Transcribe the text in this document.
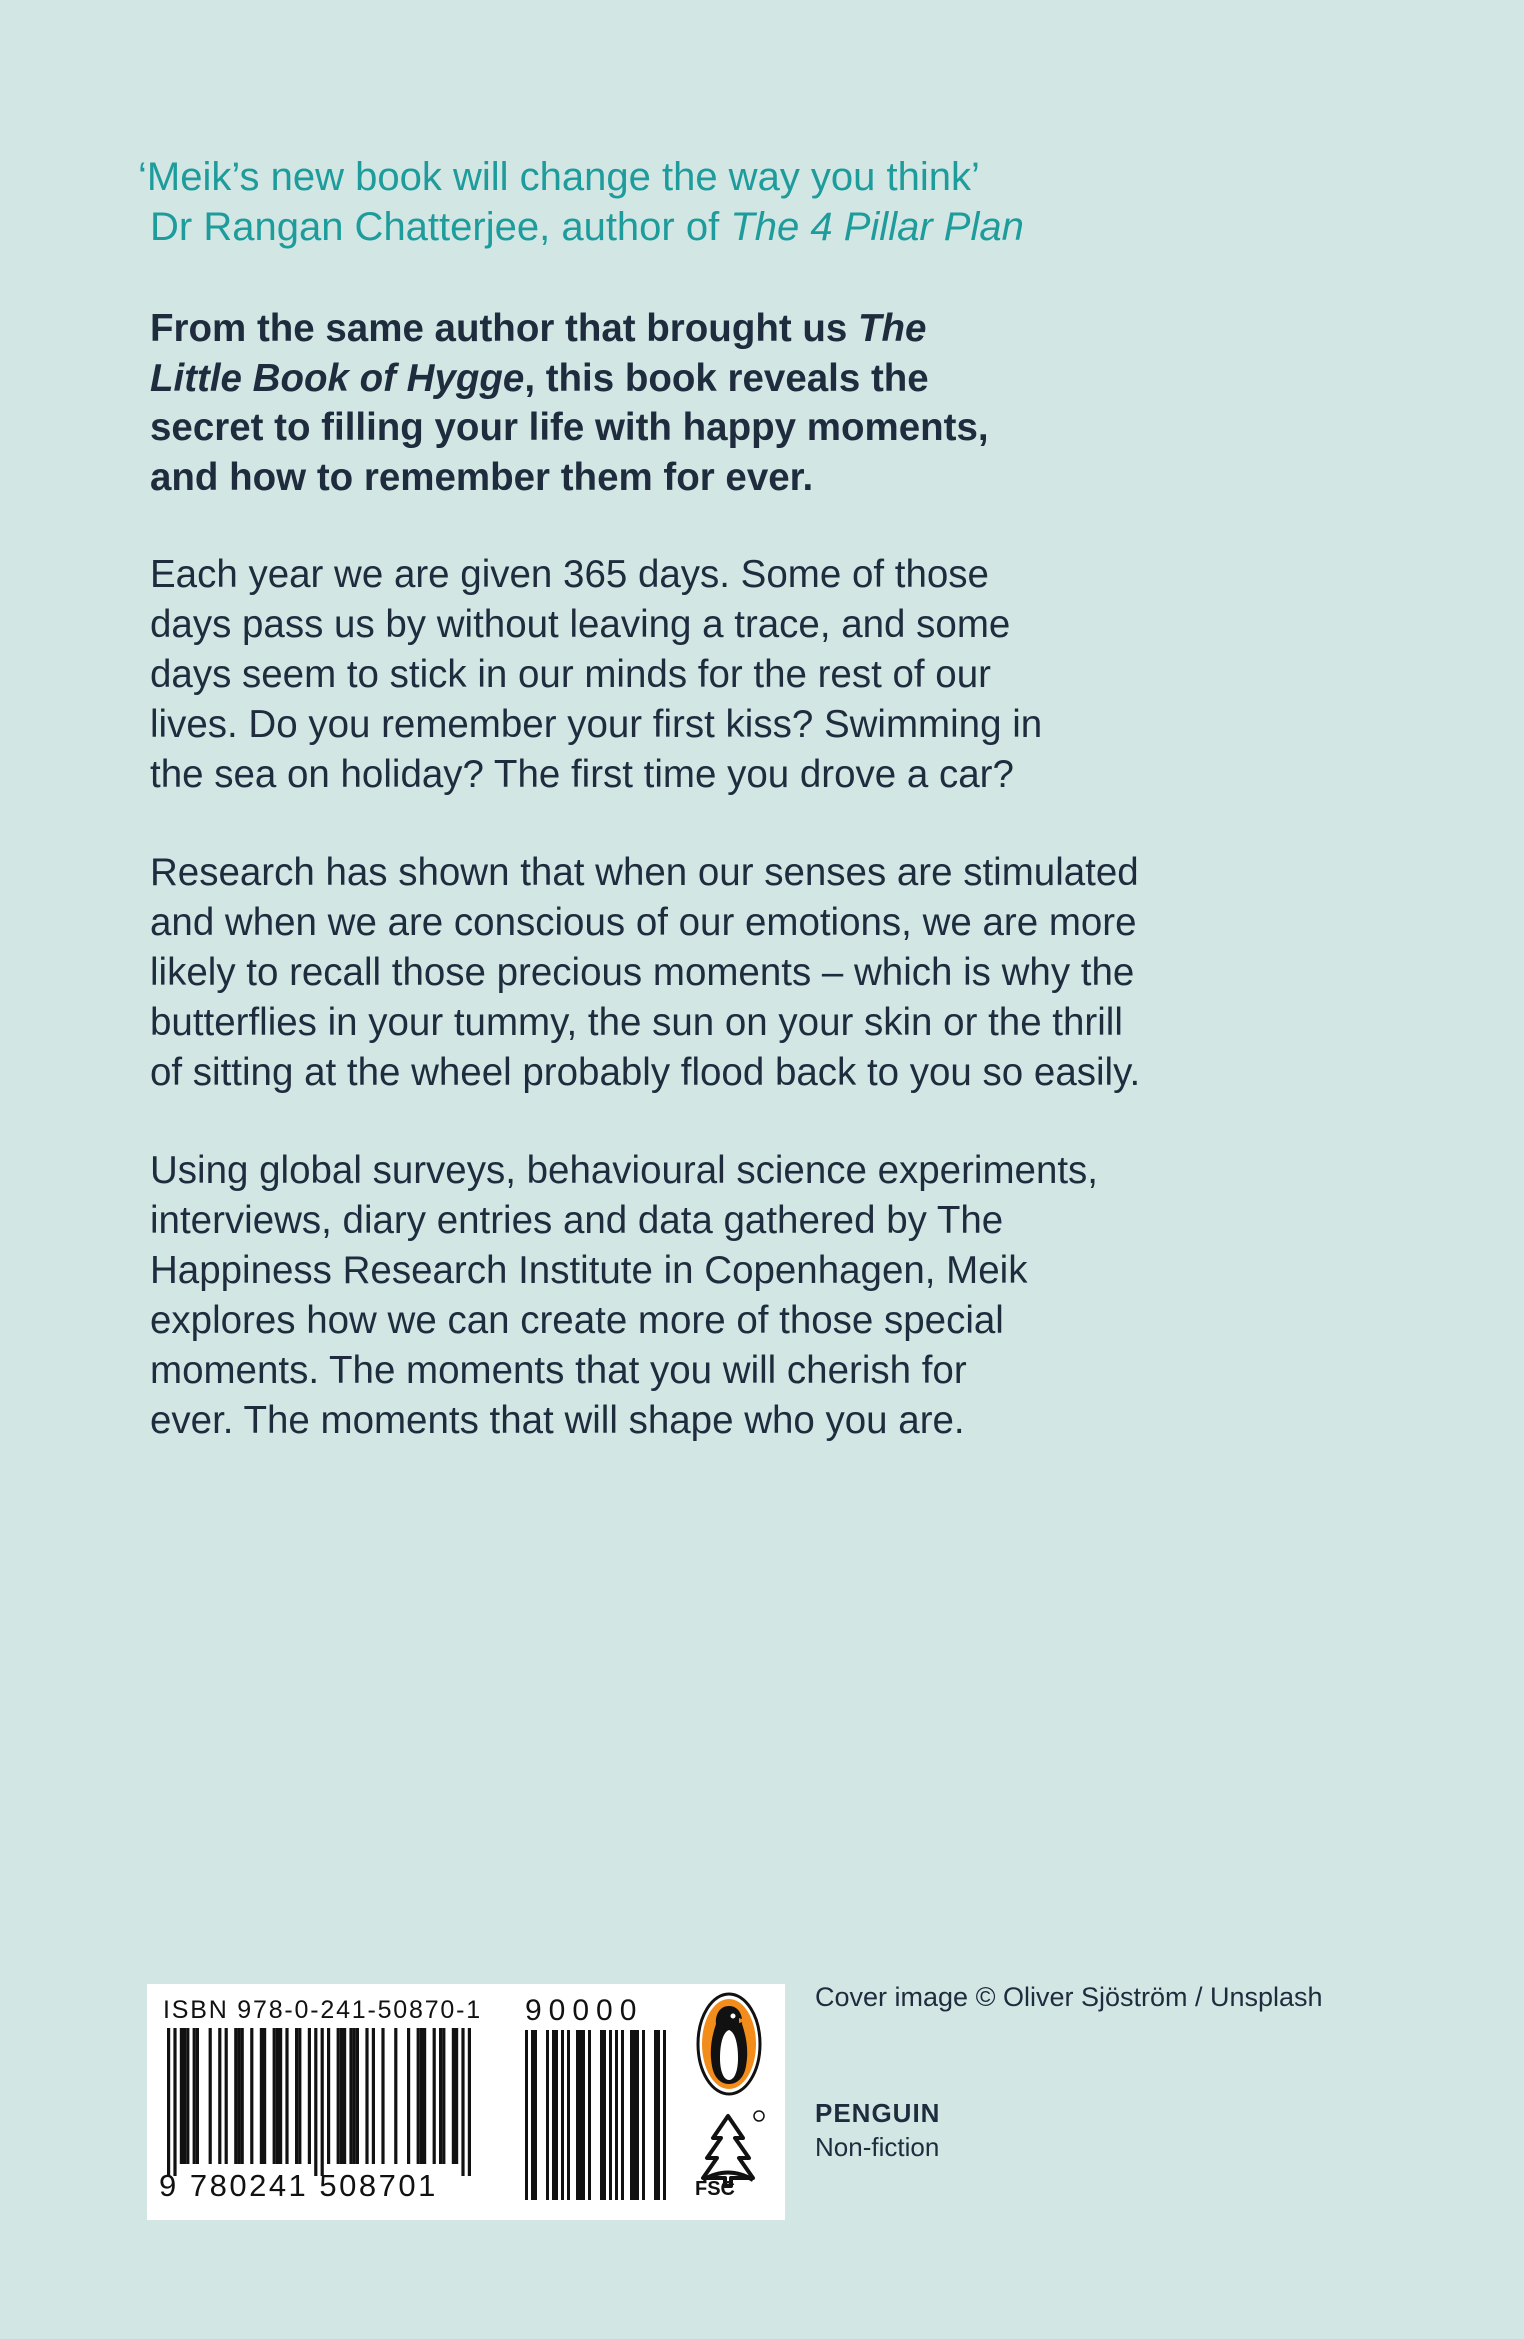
‘Meik’s new book will change the way you think’
Dr Rangan Chatterjee, author of The 4 Pillar Plan
From the same author that brought us The
Little Book of Hygge, this book reveals the
secret to filling your life with happy moments,
and how to remember them for ever.
Each year we are given 365 days. Some of those
days pass us by without leaving a trace, and some
days seem to stick in our minds for the rest of our
lives. Do you remember your first kiss? Swimming in
the sea on holiday? The first time you drove a car?
Research has shown that when our senses are stimulated
and when we are conscious of our emotions, we are more
likely to recall those precious moments – which is why the
butterflies in your tummy, the sun on your skin or the thrill
of sitting at the wheel probably flood back to you so easily.
Using global surveys, behavioural science experiments,
interviews, diary entries and data gathered by The
Happiness Research Institute in Copenhagen, Meik
explores how we can create more of those special
moments. The moments that you will cherish for
ever. The moments that will shape who you are.
ISBN 978-0-241-50870-1
9 780241 508701
90000
FSC
Cover image © Oliver Sjöström / Unsplash
PENGUIN
Non-fiction
